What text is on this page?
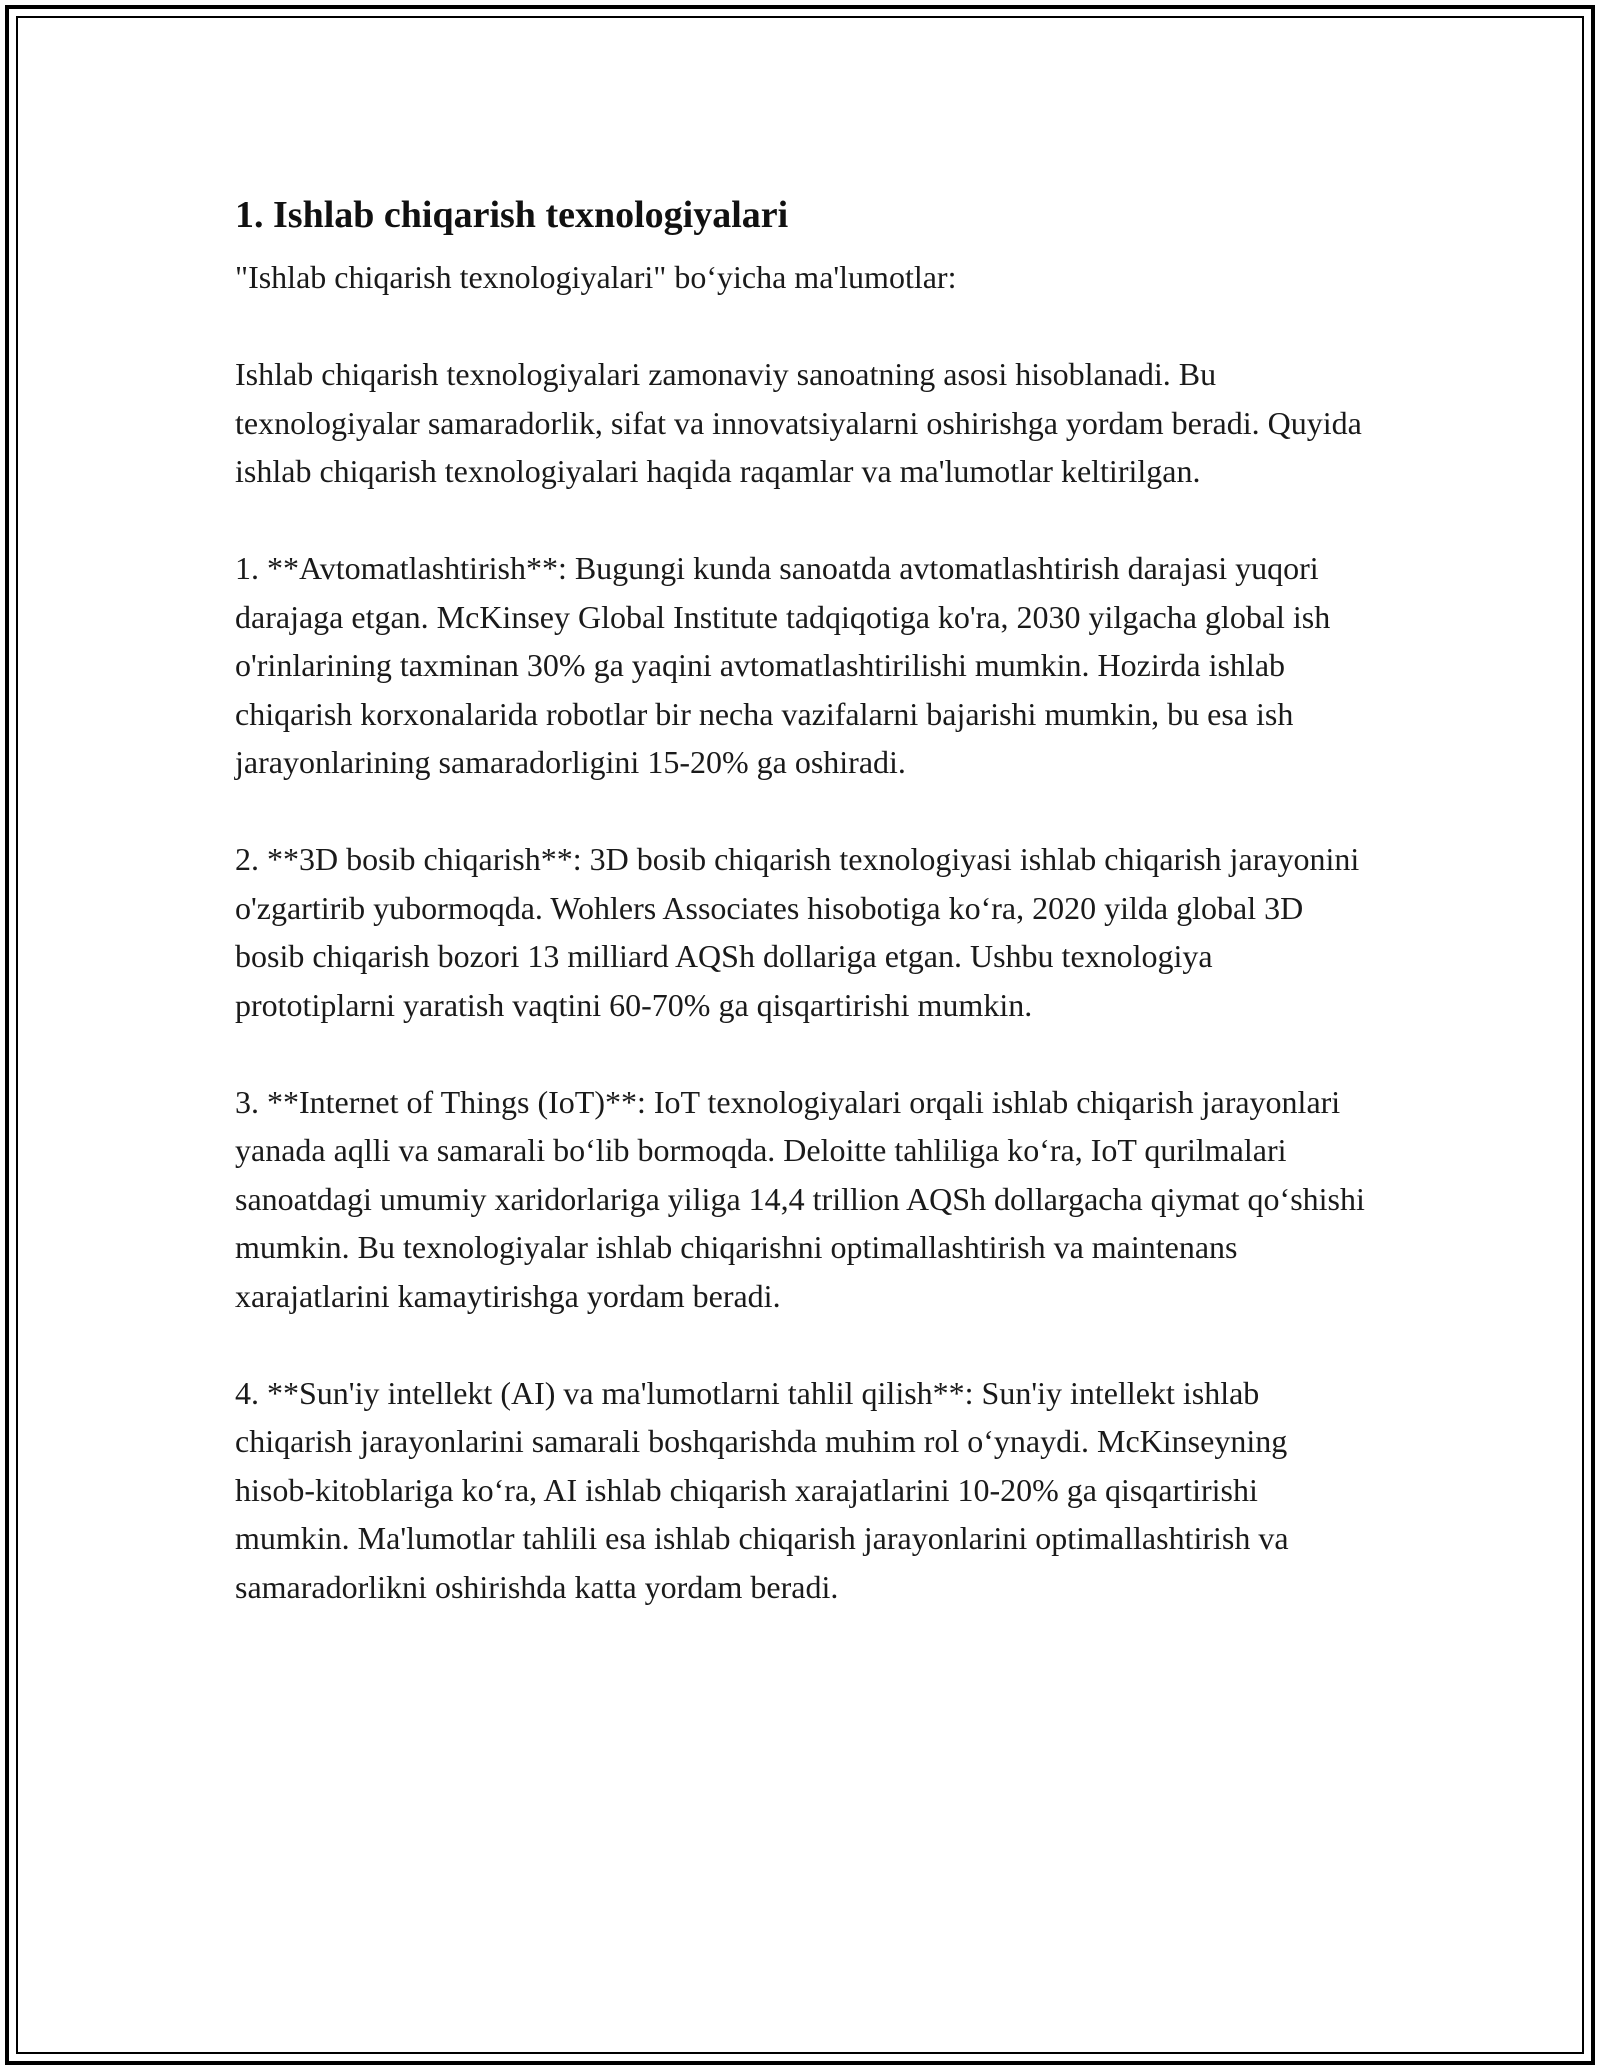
1. Ishlab chiqarish texnologiyalari

"Ishlab chiqarish texnologiyalari" bo‘yicha ma'lumotlar:

Ishlab chiqarish texnologiyalari zamonaviy sanoatning asosi hisoblanadi. Bu texnologiyalar samaradorlik, sifat va innovatsiyalarni oshirishga yordam beradi. Quyida ishlab chiqarish texnologiyalari haqida raqamlar va ma'lumotlar keltirilgan.

1. **Avtomatlashtirish**: Bugungi kunda sanoatda avtomatlashtirish darajasi yuqori darajaga etgan. McKinsey Global Institute tadqiqotiga ko'ra, 2030 yilgacha global ish o'rinlarining taxminan 30% ga yaqini avtomatlashtirilishi mumkin. Hozirda ishlab chiqarish korxonalarida robotlar bir necha vazifalarni bajarishi mumkin, bu esa ish jarayonlarining samaradorligini 15-20% ga oshiradi.

2. **3D bosib chiqarish**: 3D bosib chiqarish texnologiyasi ishlab chiqarish jarayonini o'zgartirib yubormoqda. Wohlers Associates hisobotiga ko‘ra, 2020 yilda global 3D bosib chiqarish bozori 13 milliard AQSh dollariga etgan. Ushbu texnologiya prototiplarni yaratish vaqtini 60-70% ga qisqartirishi mumkin.

3. **Internet of Things (IoT)**: IoT texnologiyalari orqali ishlab chiqarish jarayonlari yanada aqlli va samarali bo‘lib bormoqda. Deloitte tahliliga ko‘ra, IoT qurilmalari sanoatdagi umumiy xaridorlariga yiliga 14,4 trillion AQSh dollargacha qiymat qo‘shishi mumkin. Bu texnologiyalar ishlab chiqarishni optimallashtirish va maintenans xarajatlarini kamaytirishga yordam beradi.

4. **Sun'iy intellekt (AI) va ma'lumotlarni tahlil qilish**: Sun'iy intellekt ishlab chiqarish jarayonlarini samarali boshqarishda muhim rol o‘ynaydi. McKinseyning hisob-kitoblariga ko‘ra, AI ishlab chiqarish xarajatlarini 10-20% ga qisqartirishi mumkin. Ma'lumotlar tahlili esa ishlab chiqarish jarayonlarini optimallashtirish va samaradorlikni oshirishda katta yordam beradi.
